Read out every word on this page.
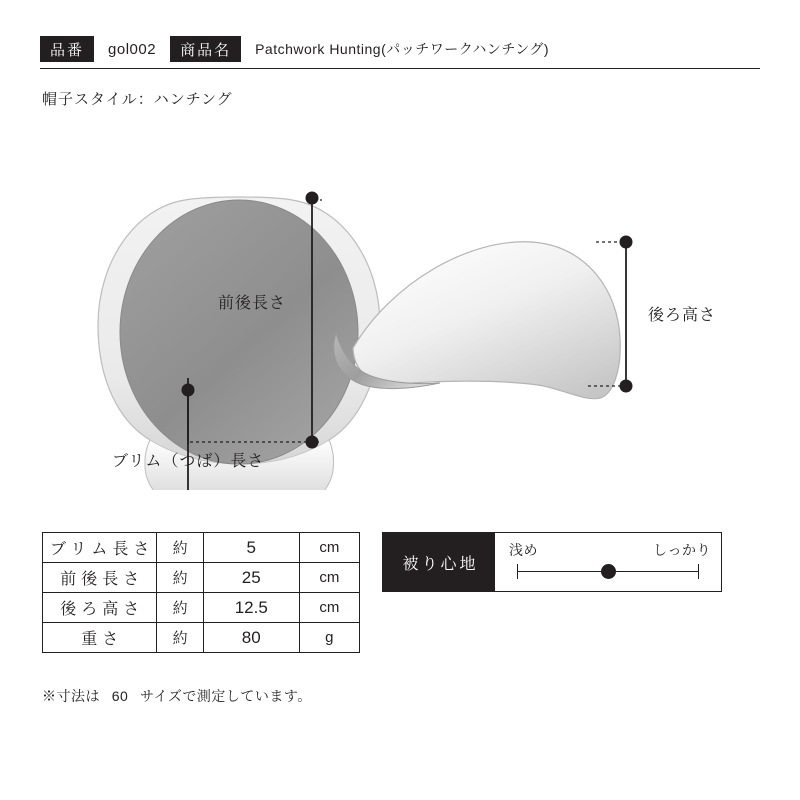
品番	gol002	商品名	Patchwork Hunting(パッチワークハンチング)
帽子スタイル：ハンチング
前後長さ
ブリム（つば）長さ
後ろ高さ
ブリム長さ	約	5	cm
前後長さ	約	25	cm
後ろ高さ	約	12.5	cm
重さ	約	80	g
※寸法は 60 サイズで測定しています。
被り心地
浅め	しっかり
